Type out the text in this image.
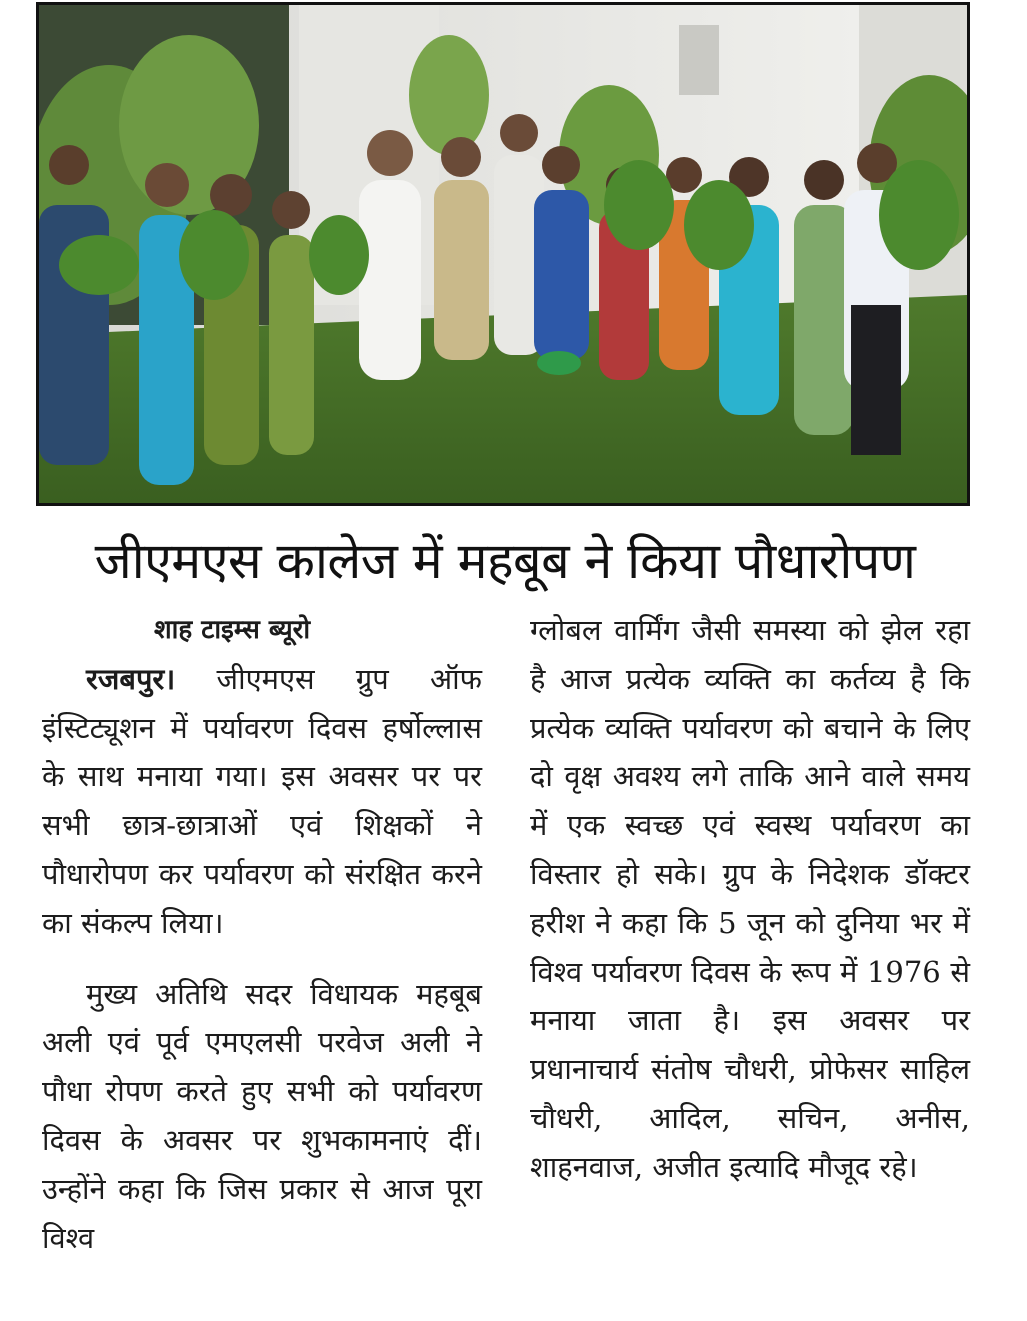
जीएमएस कालेज में महबूब ने किया पौधारोपण
शाह टाइम्स ब्यूरो

रजबपुर। जीएमएस ग्रुप ऑफ इंस्टिट्यूशन में पर्यावरण दिवस हर्षोल्लास के साथ मनाया गया। इस अवसर पर पर सभी छात्र-छात्राओं एवं शिक्षकों ने पौधारोपण कर पर्यावरण को संरक्षित करने का संकल्प लिया।

मुख्य अतिथि सदर विधायक महबूब अली एवं पूर्व एमएलसी परवेज अली ने पौधा रोपण करते हुए सभी को पर्यावरण दिवस के अवसर पर शुभकामनाएं दीं। उन्होंने कहा कि जिस प्रकार से आज पूरा विश्व

ग्लोबल वार्मिंग जैसी समस्या को झेल रहा है आज प्रत्येक व्यक्ति का कर्तव्य है कि प्रत्येक व्यक्ति पर्यावरण को बचाने के लिए दो वृक्ष अवश्य लगे ताकि आने वाले समय में एक स्वच्छ एवं स्वस्थ पर्यावरण का विस्तार हो सके। ग्रुप के निदेशक डॉक्टर हरीश ने कहा कि 5 जून को दुनिया भर में विश्व पर्यावरण दिवस के रूप में 1976 से मनाया जाता है। इस अवसर पर प्रधानाचार्य संतोष चौधरी, प्रोफेसर साहिल चौधरी, आदिल, सचिन, अनीस, शाहनवाज, अजीत इत्यादि मौजूद रहे।
